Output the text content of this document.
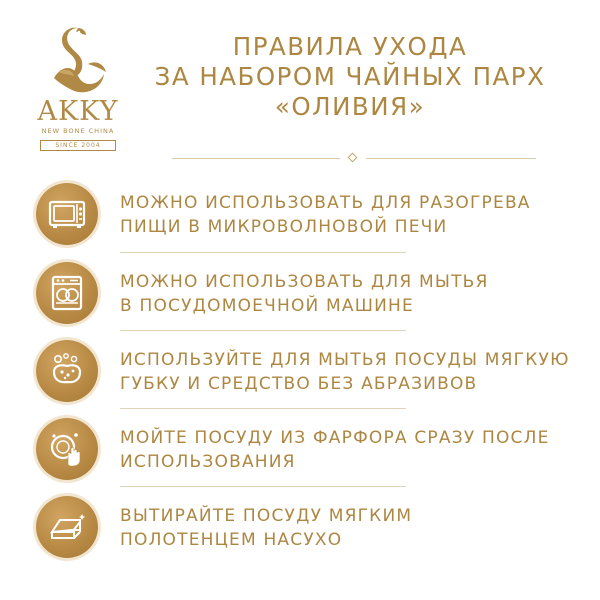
AKKY
NEW BONE CHINA
SINCE 2004
ПРАВИЛА УХОДА
ЗА НАБОРОМ ЧАЙНЫХ ПАРХ
«ОЛИВИЯ»
МОЖНО ИСПОЛЬЗОВАТЬ ДЛЯ РАЗОГРЕВА
ПИЩИ В МИКРОВОЛНОВОЙ ПЕЧИ
МОЖНО ИСПОЛЬЗОВАТЬ ДЛЯ МЫТЬЯ
В ПОСУДОМОЕЧНОЙ МАШИНЕ
ИСПОЛЬЗУЙТЕ ДЛЯ МЫТЬЯ ПОСУДЫ МЯГКУЮ
ГУБКУ И СРЕДСТВО БЕЗ АБРАЗИВОВ
МОЙТЕ ПОСУДУ ИЗ ФАРФОРА СРАЗУ ПОСЛЕ
ИСПОЛЬЗОВАНИЯ
ВЫТИРАЙТЕ ПОСУДУ МЯГКИМ
ПОЛОТЕНЦЕМ НАСУХО
